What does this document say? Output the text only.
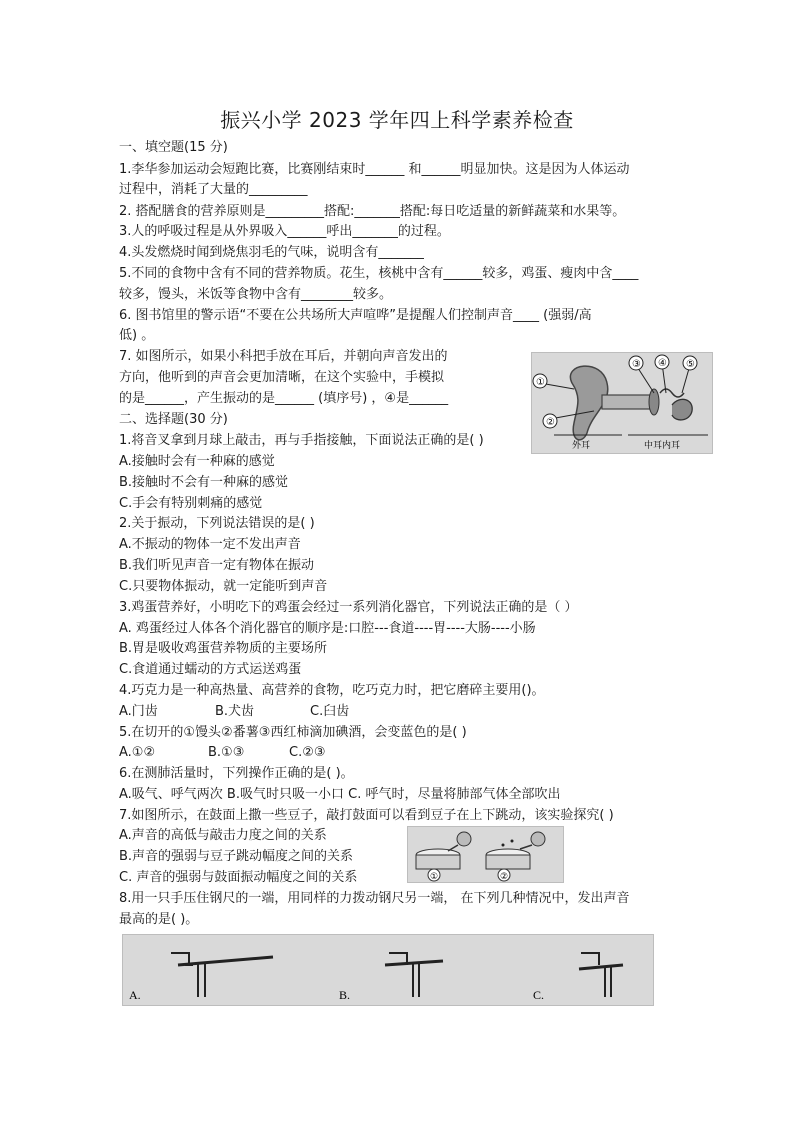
振兴小学 2023 学年四上科学素养检查
一、填空题(15 分)
1.李华参加运动会短跑比赛，比赛刚结束时______ 和______明显加快。这是因为人体运动
过程中，消耗了大量的_________
2. 搭配膳食的营养原则是_________搭配:_______搭配:每日吃适量的新鲜蔬菜和水果等。
3.人的呼吸过程是从外界吸入______呼出_______的过程。
4.头发燃烧时闻到烧焦羽毛的气味，说明含有_______
5.不同的食物中含有不同的营养物质。花生，核桃中含有______较多，鸡蛋、瘦肉中含____
较多，馒头，米饭等食物中含有________较多。
6. 图书馆里的警示语“不要在公共场所大声喧哗”是提醒人们控制声音____ (强弱/高
低) 。
7. 如图所示，如果小科把手放在耳后，并朝向声音发出的
方向，他听到的声音会更加清晰，在这个实验中，手模拟
的是______，产生振动的是______ (填序号) ，④是______
①
②
③ ④ ⑤
外耳	中耳内耳
二、选择题(30 分)
1.将音叉拿到月球上敲击，再与手指接触，下面说法正确的是( )
A.接触时会有一种麻的感觉
B.接触时不会有一种麻的感觉
C.手会有特别刺痛的感觉
2.关于振动，下列说法错误的是( )
A.不振动的物体一定不发出声音
B.我们听见声音一定有物体在振动
C.只要物体振动，就一定能听到声音
3.鸡蛋营养好，小明吃下的鸡蛋会经过一系列消化器官，下列说法正确的是（ ）
A. 鸡蛋经过人体各个消化器官的顺序是:口腔---食道----胃----大肠----小肠
B.胃是吸收鸡蛋营养物质的主要场所
C.食道通过蠕动的方式运送鸡蛋
4.巧克力是一种高热量、高营养的食物，吃巧克力时，把它磨碎主要用()。
A.门齿	B.犬齿	C.臼齿
5.在切开的①馒头②番薯③西红柿滴加碘酒，会变蓝色的是( )
A.①②	B.①③	C.②③
6.在测肺活量时，下列操作正确的是( )。
A.吸气、呼气两次 B.吸气时只吸一小口 C. 呼气时，尽量将肺部气体全部吹出
7.如图所示，在鼓面上撒一些豆子，敲打鼓面可以看到豆子在上下跳动，该实验探究( )
A.声音的高低与敲击力度之间的关系
B.声音的强弱与豆子跳动幅度之间的关系
C. 声音的强弱与鼓面振动幅度之间的关系	①	②
8.用一只手压住钢尺的一端，用同样的力拨动钢尺另一端， 在下列几种情况中，发出声音
最高的是( )。
A.	B.	C.
